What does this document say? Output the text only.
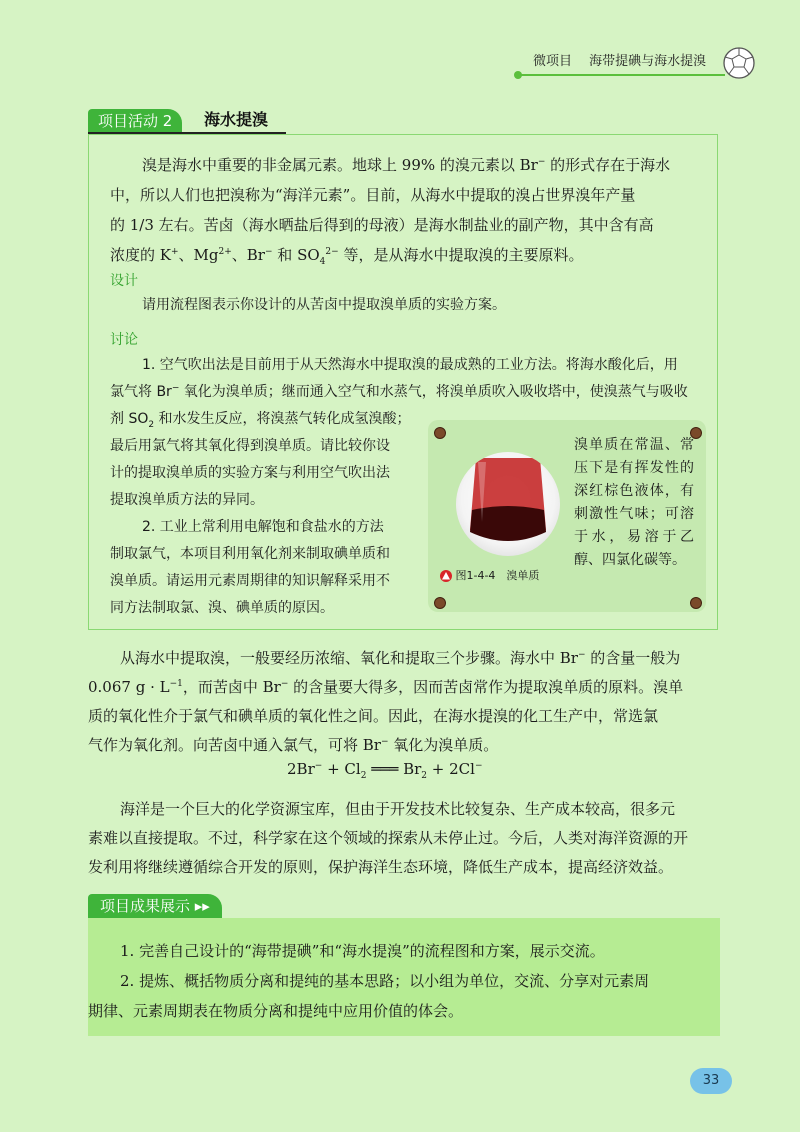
微项目　 海带提碘与海水提溴
项目活动 2	海水提溴

溴是海水中重要的非金属元素。地球上 99% 的溴元素以 Br− 的形式存在于海水

中，所以人们也把溴称为“海洋元素”。目前，从海水中提取的溴占世界溴年产量

的 1/3 左右。苦卤（海水晒盐后得到的母液）是海水制盐业的副产物，其中含有高

浓度的 K+、$Mg^{2+}$、Br− 和 $SO_4^{2-}$ 等，是从海水中提取溴的主要原料。

设计

请用流程图表示你设计的从苦卤中提取溴单质的实验方案。

讨论

1. 空气吹出法是目前用于从天然海水中提取溴的最成熟的工业方法。将海水酸化后，用

氯气将 Br− 氧化为溴单质；继而通入空气和水蒸气，将溴单质吹入吸收塔中，使溴蒸气与吸收

剂 $SO_2$ 和水发生反应，将溴蒸气转化成氢溴酸；

最后用氯气将其氧化得到溴单质。请比较你设

计的提取溴单质的实验方案与利用空气吹出法

提取溴单质方法的异同。

2. 工业上常利用电解饱和食盐水的方法

制取氯气，本项目利用氧化剂来制取碘单质和

溴单质。请运用元素周期律的知识解释采用不

同方法制取氯、溴、碘单质的原因。

图1-4-4　溴单质
溴单质在常温、常压下是有挥发性的深红棕色液体，有刺激性气味；可溶于水，易溶于乙醇、四氯化碳等。

从海水中提取溴，一般要经历浓缩、氧化和提取三个步骤。海水中 Br− 的含量一般为

0.067 $g \cdot L^{-1}$，而苦卤中 Br− 的含量要大得多，因而苦卤常作为提取溴单质的原料。溴单

质的氧化性介于氯气和碘单质的氧化性之间。因此，在海水提溴的化工生产中，常选氯

气作为氧化剂。向苦卤中通入氯气，可将 Br− 氧化为溴单质。

$2Br^- + Cl_2$ ═══ $Br_2 + 2Cl^-$

海洋是一个巨大的化学资源宝库，但由于开发技术比较复杂、生产成本较高，很多元

素难以直接提取。不过，科学家在这个领域的探索从未停止过。今后，人类对海洋资源的开

发利用将继续遵循综合开发的原则，保护海洋生态环境，降低生产成本，提高经济效益。

项目成果展示 ▸▸

1. 完善自己设计的“海带提碘”和“海水提溴”的流程图和方案，展示交流。

2. 提炼、概括物质分离和提纯的基本思路；以小组为单位，交流、分享对元素周

期律、元素周期表在物质分离和提纯中应用价值的体会。

33
